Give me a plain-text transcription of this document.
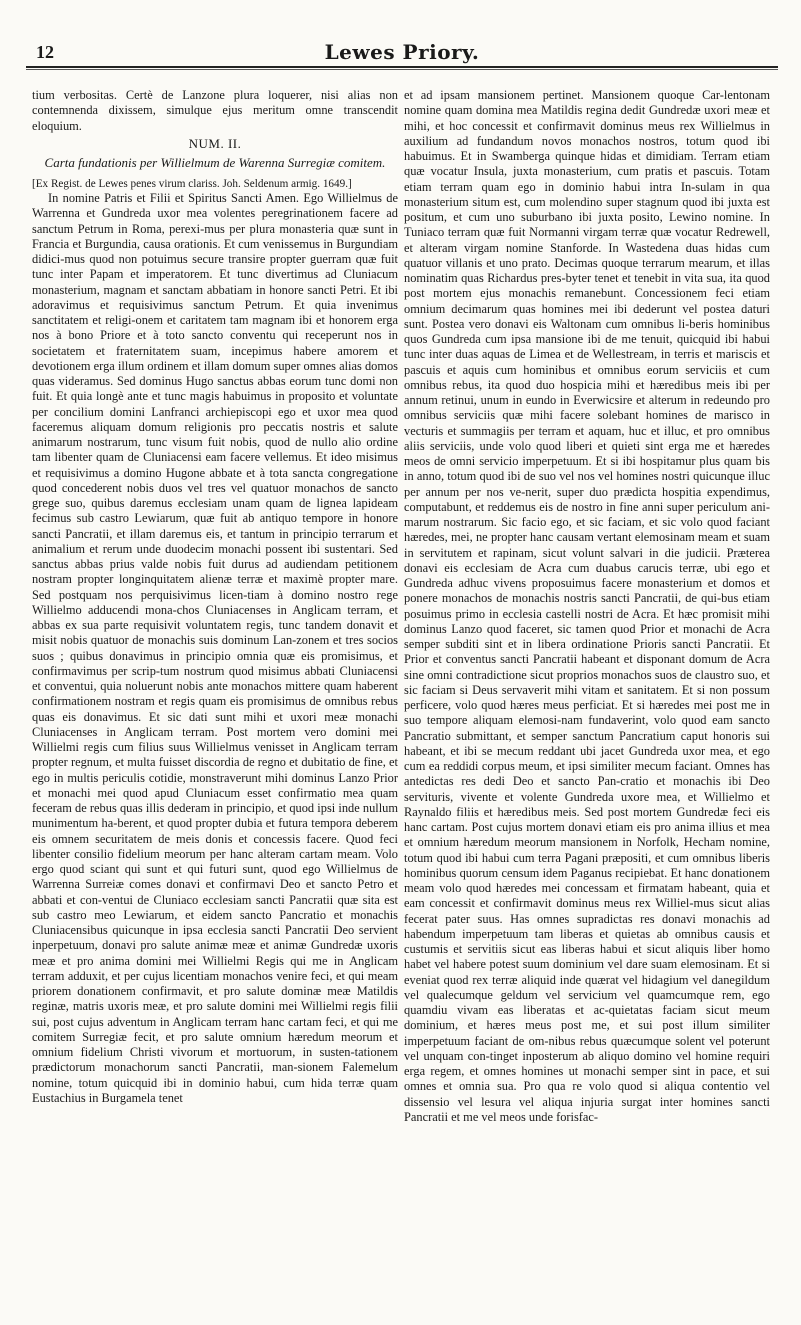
12	Lewes Priory.

tium verbositas. Certè de Lanzone plura loquerer, nisi alias non contemnenda dixissem, simulque ejus meritum omne transcendit eloquium.

NUM. II.
Carta fundationis per Willielmum de Warenna Surregiæ comitem.

[Ex Regist. de Lewes penes virum clariss. Joh. Seldenum armig. 1649.]

In nomine Patris et Filii et Spiritus Sancti Amen. Ego Willielmus de Warrenna et Gundreda uxor mea volentes peregrinationem facere ad sanctum Petrum in Roma, perexi-mus per plura monasteria quæ sunt in Francia et Burgundia, causa orationis. Et cum venissemus in Burgundiam didici-mus quod non potuimus secure transire propter guerram quæ fuit tunc inter Papam et imperatorem. Et tunc divertimus ad Cluniacum monasterium, magnam et sanctam abbatiam in honore sancti Petri. Et ibi adoravimus et requisivimus sanctum Petrum. Et quia invenimus sanctitatem et religi-onem et caritatem tam magnam ibi et honorem erga nos à bono Priore et à toto sancto conventu qui receperunt nos in societatem et fraternitatem suam, incepimus habere amorem et devotionem erga illum ordinem et illam domum super omnes alias domos quas videramus. Sed dominus Hugo sanctus abbas eorum tunc domi non fuit. Et quia longè ante et tunc magis habuimus in proposito et voluntate per concilium domini Lanfranci archiepiscopi ego et uxor mea quod faceremus aliquam domum religionis pro peccatis nostris et salute animarum nostrarum, tunc visum fuit nobis, quod de nullo alio ordine tam libenter quam de Cluniacensi eam facere vellemus. Et ideo misimus et requisivimus a domino Hugone abbate et à tota sancta congregatione quod concederent nobis duos vel tres vel quatuor monachos de sancto grege suo, quibus daremus ecclesiam unam quam de lignea lapideam fecimus sub castro Lewiarum, quæ fuit ab antiquo tempore in honore sancti Pancratii, et illam daremus eis, et tantum in principio terrarum et animalium et rerum unde duodecim monachi possent ibi sustentari. Sed sanctus abbas prius valde nobis fuit durus ad audiendam petitionem nostram propter longinquitatem alienæ terræ et maximè propter mare. Sed postquam nos perquisivimus licen-tiam à domino nostro rege Willielmo adducendi mona-chos Cluniacenses in Anglicam terram, et abbas ex sua parte requisivit voluntatem regis, tunc tandem donavit et misit nobis quatuor de monachis suis dominum Lan-zonem et tres socios suos ; quibus donavimus in principio omnia quæ eis promisimus, et confirmavimus per scrip-tum nostrum quod misimus abbati Cluniacensi et conventui, quia noluerunt nobis ante monachos mittere quam haberent confirmationem nostram et regis quam eis promisimus de omnibus rebus quas eis donavimus. Et sic dati sunt mihi et uxori meæ monachi Cluniacenses in Anglicam terram. Post mortem vero domini mei Willielmi regis cum filius suus Willielmus venisset in Anglicam terram propter regnum, et multa fuisset discordia de regno et dubitatio de fine, et ego in multis periculis cotidie, monstraverunt mihi dominus Lanzo Prior et monachi mei quod apud Cluniacum esset confirmatio mea quam feceram de rebus quas illis dederam in principio, et quod ipsi inde nullum munimentum ha-berent, et quod propter dubia et futura tempora deberem eis omnem securitatem de meis donis et concessis facere. Quod feci libenter consilio fidelium meorum per hanc alteram cartam meam. Volo ergo quod sciant qui sunt et qui futuri sunt, quod ego Willielmus de Warrenna Surreiæ comes donavi et confirmavi Deo et sancto Petro et abbati et con-ventui de Cluniaco ecclesiam sancti Pancratii quæ sita est sub castro meo Lewiarum, et eidem sancto Pancratio et monachis Cluniacensibus quicunque in ipsa ecclesia sancti Pancratii Deo servient inperpetuum, donavi pro salute animæ meæ et animæ Gundredæ uxoris meæ et pro anima domini mei Willielmi Regis qui me in Anglicam terram adduxit, et per cujus licentiam monachos venire feci, et qui meam priorem donationem confirmavit, et pro salute dominæ meæ Matildis reginæ, matris uxoris meæ, et pro salute domini mei Willielmi regis filii sui, post cujus adventum in Anglicam terram hanc cartam feci, et qui me comitem Surregiæ fecit, et pro salute omnium hæredum meorum et omnium fidelium Christi vivorum et mortuorum, in susten-tationem prædictorum monachorum sancti Pancratii, man-sionem Falemelum nomine, totum quicquid ibi in dominio habui, cum hida terræ quam Eustachius in Burgamela tenet

et ad ipsam mansionem pertinet. Mansionem quoque Car-lentonam nomine quam domina mea Matildis regina dedit Gundredæ uxori meæ et mihi, et hoc concessit et confirmavit dominus meus rex Willielmus in auxilium ad fundandum novos monachos nostros, totum quod ibi habuimus. Et in Swamberga quinque hidas et dimidiam. Terram etiam quæ vocatur Insula, juxta monasterium, cum pratis et pascuis. Totam etiam terram quam ego in dominio habui intra In-sulam in qua monasterium situm est, cum molendino super stagnum quod ibi juxta est positum, et cum uno suburbano ibi juxta posito, Lewino nomine. In Tuniaco terram quæ fuit Normanni virgam terræ quæ vocatur Redrewell, et alteram virgam nomine Stanforde. In Wastedena duas hidas cum quatuor villanis et uno prato. Decimas quoque terrarum mearum, et illas nominatim quas Richardus pres-byter tenet et tenebit in vita sua, ita quod post mortem ejus monachis remanebunt. Concessionem feci etiam omnium decimarum quas homines mei ibi dederunt vel postea daturi sunt. Postea vero donavi eis Waltonam cum omnibus li-beris hominibus quos Gundreda cum ipsa mansione ibi de me tenuit, quicquid ibi habui tunc inter duas aquas de Limea et de Wellestream, in terris et mariscis et pascuis et aquis cum hominibus et omnibus eorum serviciis et cum omnibus rebus, ita quod duo hospicia mihi et hæredibus meis ibi per annum retinui, unum in eundo in Everwicsire et alterum in redeundo pro omnibus serviciis quæ mihi facere solebant homines de marisco in vecturis et summagiis per terram et aquam, huc et illuc, et pro omnibus aliis serviciis, unde volo quod liberi et quieti sint erga me et hæredes meos de omni servicio imperpetuum. Et si ibi hospitamur plus quam bis in anno, totum quod ibi de suo vel nos vel homines nostri quicunque illuc per annum per nos ve-nerit, super duo prædicta hospitia expendimus, computabunt, et reddemus eis de nostro in fine anni super periculum ani-marum nostrarum. Sic facio ego, et sic faciam, et sic volo quod faciant hæredes, mei, ne propter hanc causam vertant elemosinam meam et suam in servitutem et rapinam, sicut volunt salvari in die judicii. Præterea donavi eis ecclesiam de Acra cum duabus carucis terræ, ubi ego et Gundreda adhuc vivens proposuimus facere monasterium et domos et ponere monachos de monachis nostris sancti Pancratii, de qui-bus etiam posuimus primo in ecclesia castelli nostri de Acra. Et hæc promisit mihi dominus Lanzo quod faceret, sic tamen quod Prior et monachi de Acra semper subditi sint et in libera ordinatione Prioris sancti Pancratii. Et Prior et conventus sancti Pancratii habeant et disponant domum de Acra sine omni contradictione sicut proprios monachos suos de claustro suo, et sic faciam si Deus servaverit mihi vitam et sanitatem. Et si non possum perficere, volo quod hæres meus perficiat. Et si hæredes mei post me in suo tempore aliquam elemosi-nam fundaverint, volo quod eam sancto Pancratio submittant, et semper sanctum Pancratium caput honoris sui habeant, et ibi se mecum reddant ubi jacet Gundreda uxor mea, et ego cum ea reddidi corpus meum, et ipsi similiter mecum faciant. Omnes has antedictas res dedi Deo et sancto Pan-cratio et monachis ibi Deo servituris, vivente et volente Gundreda uxore mea, et Willielmo et Raynaldo filiis et hæredibus meis. Sed post mortem Gundredæ feci eis hanc cartam. Post cujus mortem donavi etiam eis pro anima illius et mea et omnium hæredum meorum mansionem in Norfolk, Hecham nomine, totum quod ibi habui cum terra Pagani præpositi, et cum omnibus liberis hominibus quorum censum idem Paganus recipiebat. Et hanc donationem meam volo quod hæredes mei concessam et firmatam habeant, quia et eam concessit et confirmavit dominus meus rex Williel-mus sicut alias fecerat pater suus. Has omnes supradictas res donavi monachis ad habendum imperpetuum tam liberas et quietas ab omnibus causis et custumis et servitiis sicut eas liberas habui et sicut aliquis liber homo habet vel habere potest suum dominium vel dare suam elemosinam. Et si eveniat quod rex terræ aliquid inde quærat vel hidagium vel danegildum vel qualecumque geldum vel servicium vel quamcumque rem, ego quamdiu vivam eas liberatas et ac-quietatas faciam sicut meum dominium, et hæres meus post me, et sui post illum similiter imperpetuum faciant de om-nibus rebus quæcumque solent vel poterunt vel unquam con-tinget inposterum ab aliquo domino vel homine requiri erga regem, et omnes homines ut monachi semper sint in pace, et sui omnes et omnia sua. Pro qua re volo quod si aliqua contentio vel dissensio vel lesura vel aliqua injuria surgat inter homines sancti Pancratii et me vel meos unde forisfac-
